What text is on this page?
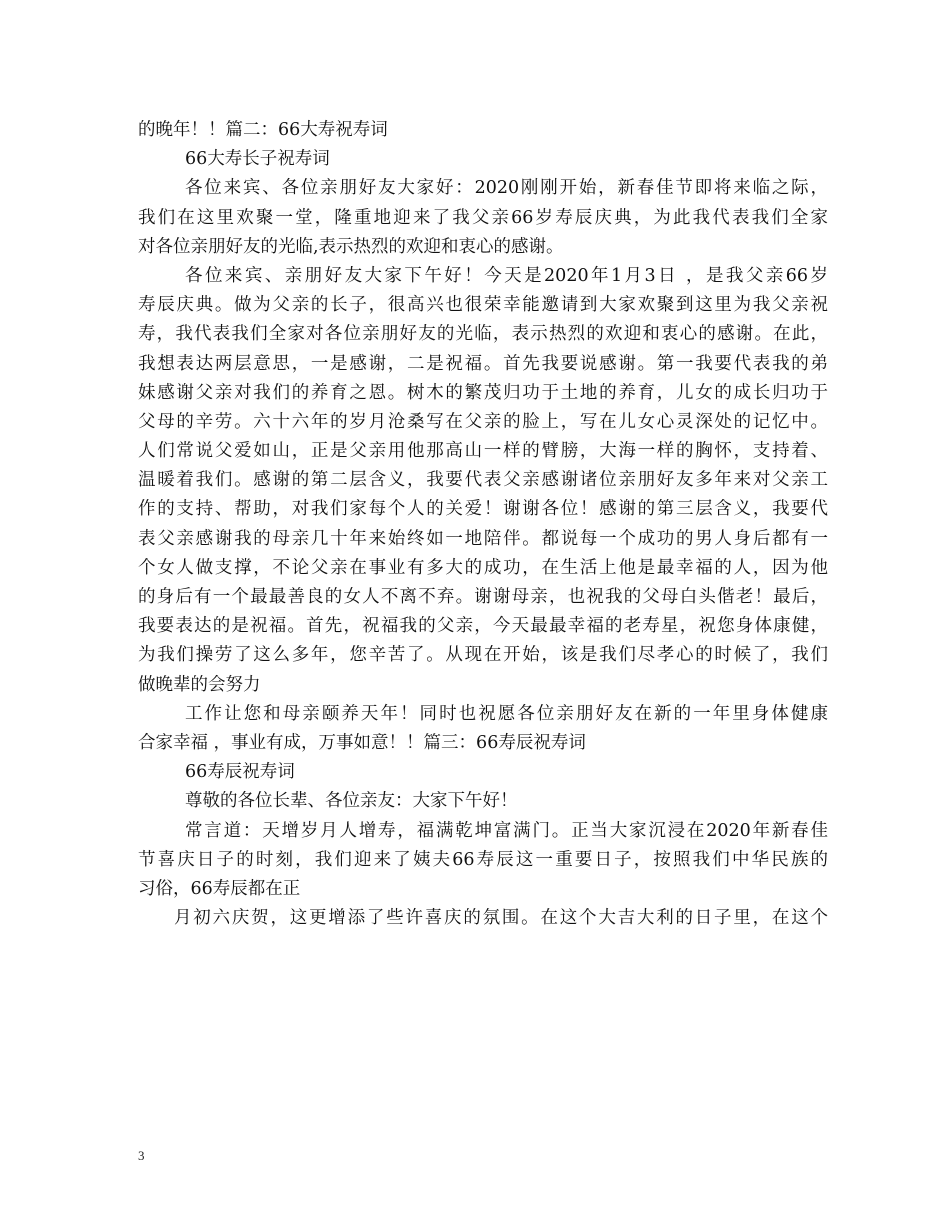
的晚年！！篇二：66大寿祝寿词
66大寿长子祝寿词
各位来宾、各位亲朋好友大家好：2020刚刚开始，新春佳节即将来临之际，
我们在这里欢聚一堂，隆重地迎来了我父亲66岁寿辰庆典，为此我代表我们全家
对各位亲朋好友的光临,表示热烈的欢迎和衷心的感谢。
各位来宾、亲朋好友大家下午好！今天是2020年1月3日 ，是我父亲66岁
寿辰庆典。做为父亲的长子，很高兴也很荣幸能邀请到大家欢聚到这里为我父亲祝
寿，我代表我们全家对各位亲朋好友的光临，表示热烈的欢迎和衷心的感谢。在此，
我想表达两层意思，一是感谢，二是祝福。首先我要说感谢。第一我要代表我的弟
妹感谢父亲对我们的养育之恩。树木的繁茂归功于土地的养育，儿女的成长归功于
父母的辛劳。六十六年的岁月沧桑写在父亲的脸上，写在儿女心灵深处的记忆中。
人们常说父爱如山，正是父亲用他那高山一样的臂膀，大海一样的胸怀，支持着、
温暖着我们。感谢的第二层含义，我要代表父亲感谢诸位亲朋好友多年来对父亲工
作的支持、帮助，对我们家每个人的关爱！谢谢各位！感谢的第三层含义，我要代
表父亲感谢我的母亲几十年来始终如一地陪伴。都说每一个成功的男人身后都有一
个女人做支撑，不论父亲在事业有多大的成功，在生活上他是最幸福的人，因为他
的身后有一个最最善良的女人不离不弃。谢谢母亲，也祝我的父母白头偕老！最后，
我要表达的是祝福。首先，祝福我的父亲，今天最最幸福的老寿星，祝您身体康健，
为我们操劳了这么多年，您辛苦了。从现在开始，该是我们尽孝心的时候了，我们
做晚辈的会努力
工作让您和母亲颐养天年！同时也祝愿各位亲朋好友在新的一年里身体健康
合家幸福 ，事业有成，万事如意！！篇三：66寿辰祝寿词
66寿辰祝寿词
尊敬的各位长辈、各位亲友：大家下午好！
常言道：天增岁月人增寿，福满乾坤富满门。正当大家沉浸在2020年新春佳
节喜庆日子的时刻，我们迎来了姨夫66寿辰这一重要日子，按照我们中华民族的
习俗，66寿辰都在正
月初六庆贺，这更增添了些许喜庆的氛围。在这个大吉大利的日子里，在这个
3
